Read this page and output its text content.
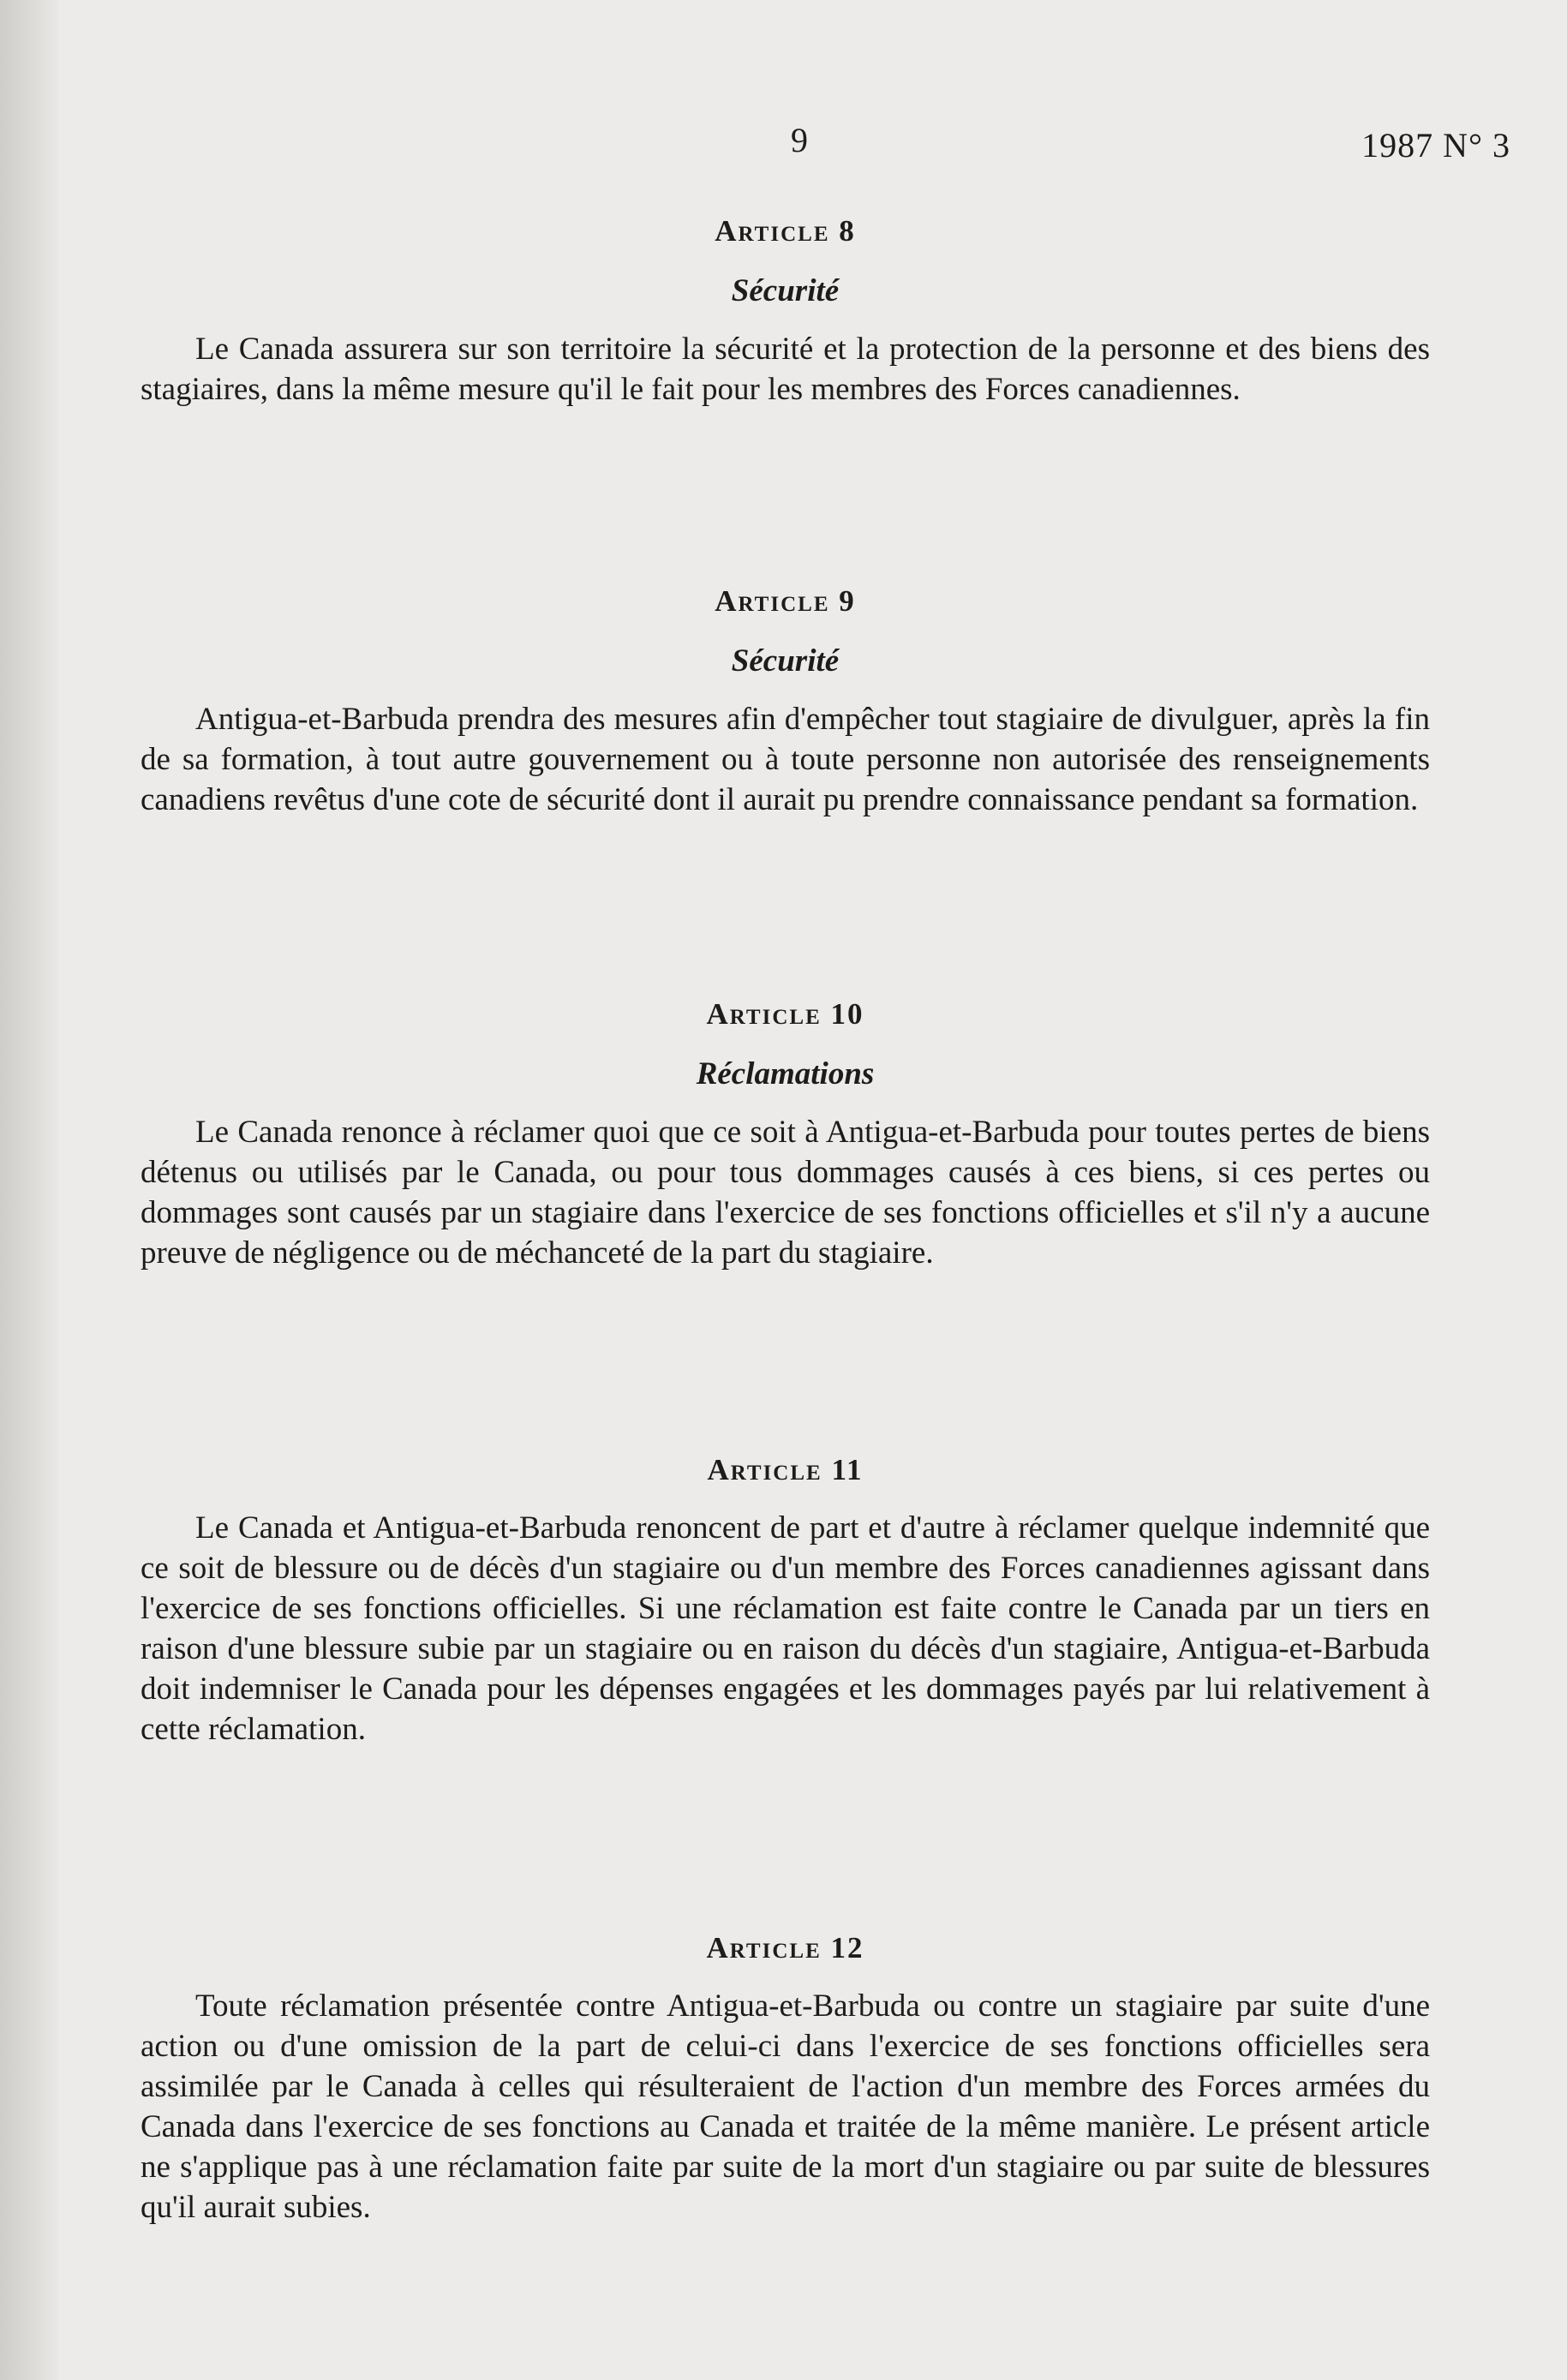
9	1987 N° 3
Article 8
Sécurité

Le Canada assurera sur son territoire la sécurité et la protection de la personne et des biens des stagiaires, dans la même mesure qu'il le fait pour les membres des Forces canadiennes.

Article 9
Sécurité

Antigua-et-Barbuda prendra des mesures afin d'empêcher tout stagiaire de divulguer, après la fin de sa formation, à tout autre gouvernement ou à toute personne non autorisée des renseignements canadiens revêtus d'une cote de sécurité dont il aurait pu prendre connaissance pendant sa formation.

Article 10
Réclamations

Le Canada renonce à réclamer quoi que ce soit à Antigua-et-Barbuda pour toutes pertes de biens détenus ou utilisés par le Canada, ou pour tous dommages causés à ces biens, si ces pertes ou dommages sont causés par un stagiaire dans l'exercice de ses fonctions officielles et s'il n'y a aucune preuve de négligence ou de méchanceté de la part du stagiaire.

Article 11

Le Canada et Antigua-et-Barbuda renoncent de part et d'autre à réclamer quelque indemnité que ce soit de blessure ou de décès d'un stagiaire ou d'un membre des Forces canadiennes agissant dans l'exercice de ses fonctions officielles. Si une réclamation est faite contre le Canada par un tiers en raison d'une blessure subie par un stagiaire ou en raison du décès d'un stagiaire, Antigua-et-Barbuda doit indemniser le Canada pour les dépenses engagées et les dommages payés par lui relativement à cette réclamation.

Article 12

Toute réclamation présentée contre Antigua-et-Barbuda ou contre un stagiaire par suite d'une action ou d'une omission de la part de celui-ci dans l'exercice de ses fonctions officielles sera assimilée par le Canada à celles qui résulteraient de l'action d'un membre des Forces armées du Canada dans l'exercice de ses fonctions au Canada et traitée de la même manière. Le présent article ne s'applique pas à une réclamation faite par suite de la mort d'un stagiaire ou par suite de blessures qu'il aurait subies.
